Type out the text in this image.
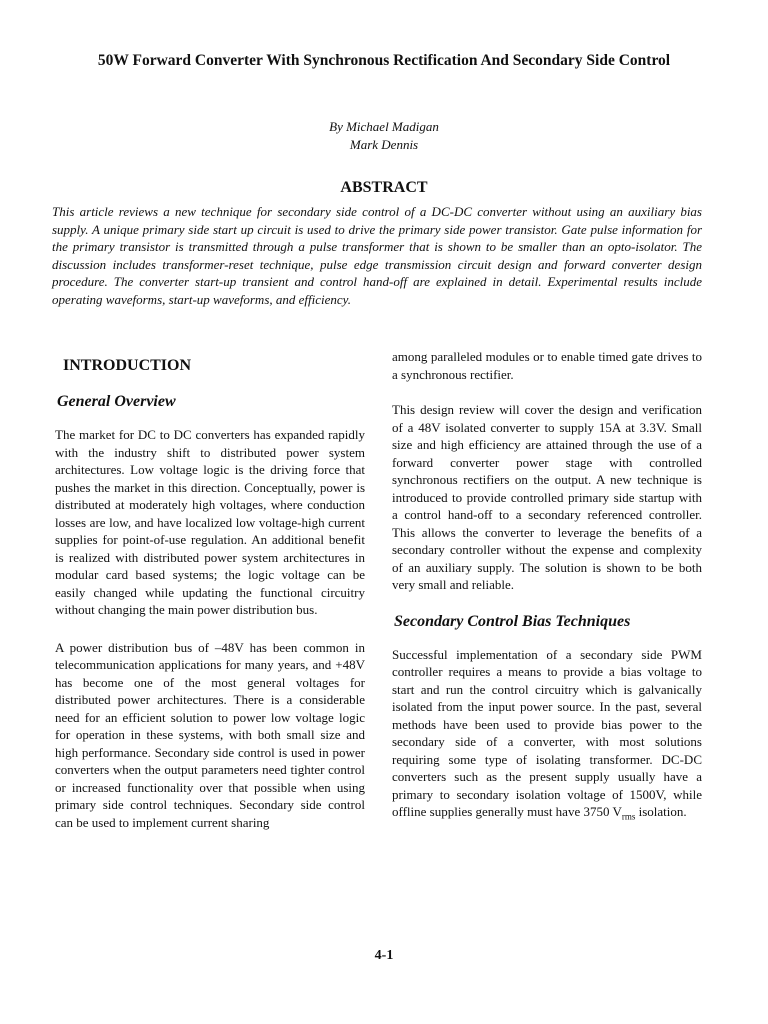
50W Forward Converter With Synchronous Rectification And Secondary Side Control
By Michael Madigan
Mark Dennis
ABSTRACT
This article reviews a new technique for secondary side control of a DC-DC converter without using an auxiliary bias supply. A unique primary side start up circuit is used to drive the primary side power transistor. Gate pulse information for the primary transistor is transmitted through a pulse transformer that is shown to be smaller than an opto-isolator. The discussion includes transformer-reset technique, pulse edge transmission circuit design and forward converter design procedure. The converter start-up transient and control hand-off are explained in detail. Experimental results include operating waveforms, start-up waveforms, and efficiency.
INTRODUCTION
General Overview

The market for DC to DC converters has expanded rapidly with the industry shift to distributed power system architectures. Low voltage logic is the driving force that pushes the market in this direction. Conceptually, power is distributed at moderately high voltages, where conduction losses are low, and have localized low voltage-high current supplies for point-of-use regulation. An additional benefit is realized with distributed power system architectures in modular card based systems; the logic voltage can be easily changed while updating the functional circuitry without changing the main power distribution bus.

A power distribution bus of –48V has been common in telecommunication applications for many years, and +48V has become one of the most general voltages for distributed power architectures. There is a considerable need for an efficient solution to power low voltage logic for operation in these systems, with both small size and high performance. Secondary side control is used in power converters when the output parameters need tighter control or increased functionality over that possible when using primary side control techniques. Secondary side control can be used to implement current sharing

among paralleled modules or to enable timed gate drives to a synchronous rectifier.

This design review will cover the design and verification of a 48V isolated converter to supply 15A at 3.3V. Small size and high efficiency are attained through the use of a forward converter power stage with controlled synchronous rectifiers on the output. A new technique is introduced to provide controlled primary side startup with a control hand-off to a secondary referenced controller. This allows the converter to leverage the benefits of a secondary controller without the expense and complexity of an auxiliary supply. The solution is shown to be both very small and reliable.

Secondary Control Bias Techniques

Successful implementation of a secondary side PWM controller requires a means to provide a bias voltage to start and run the control circuitry which is galvanically isolated from the input power source. In the past, several methods have been used to provide bias power to the secondary side of a converter, with most solutions requiring some type of isolating transformer. DC-DC converters such as the present supply usually have a primary to secondary isolation voltage of 1500V, while offline supplies generally must have 3750 $V_{rms}$ isolation.

4-1
